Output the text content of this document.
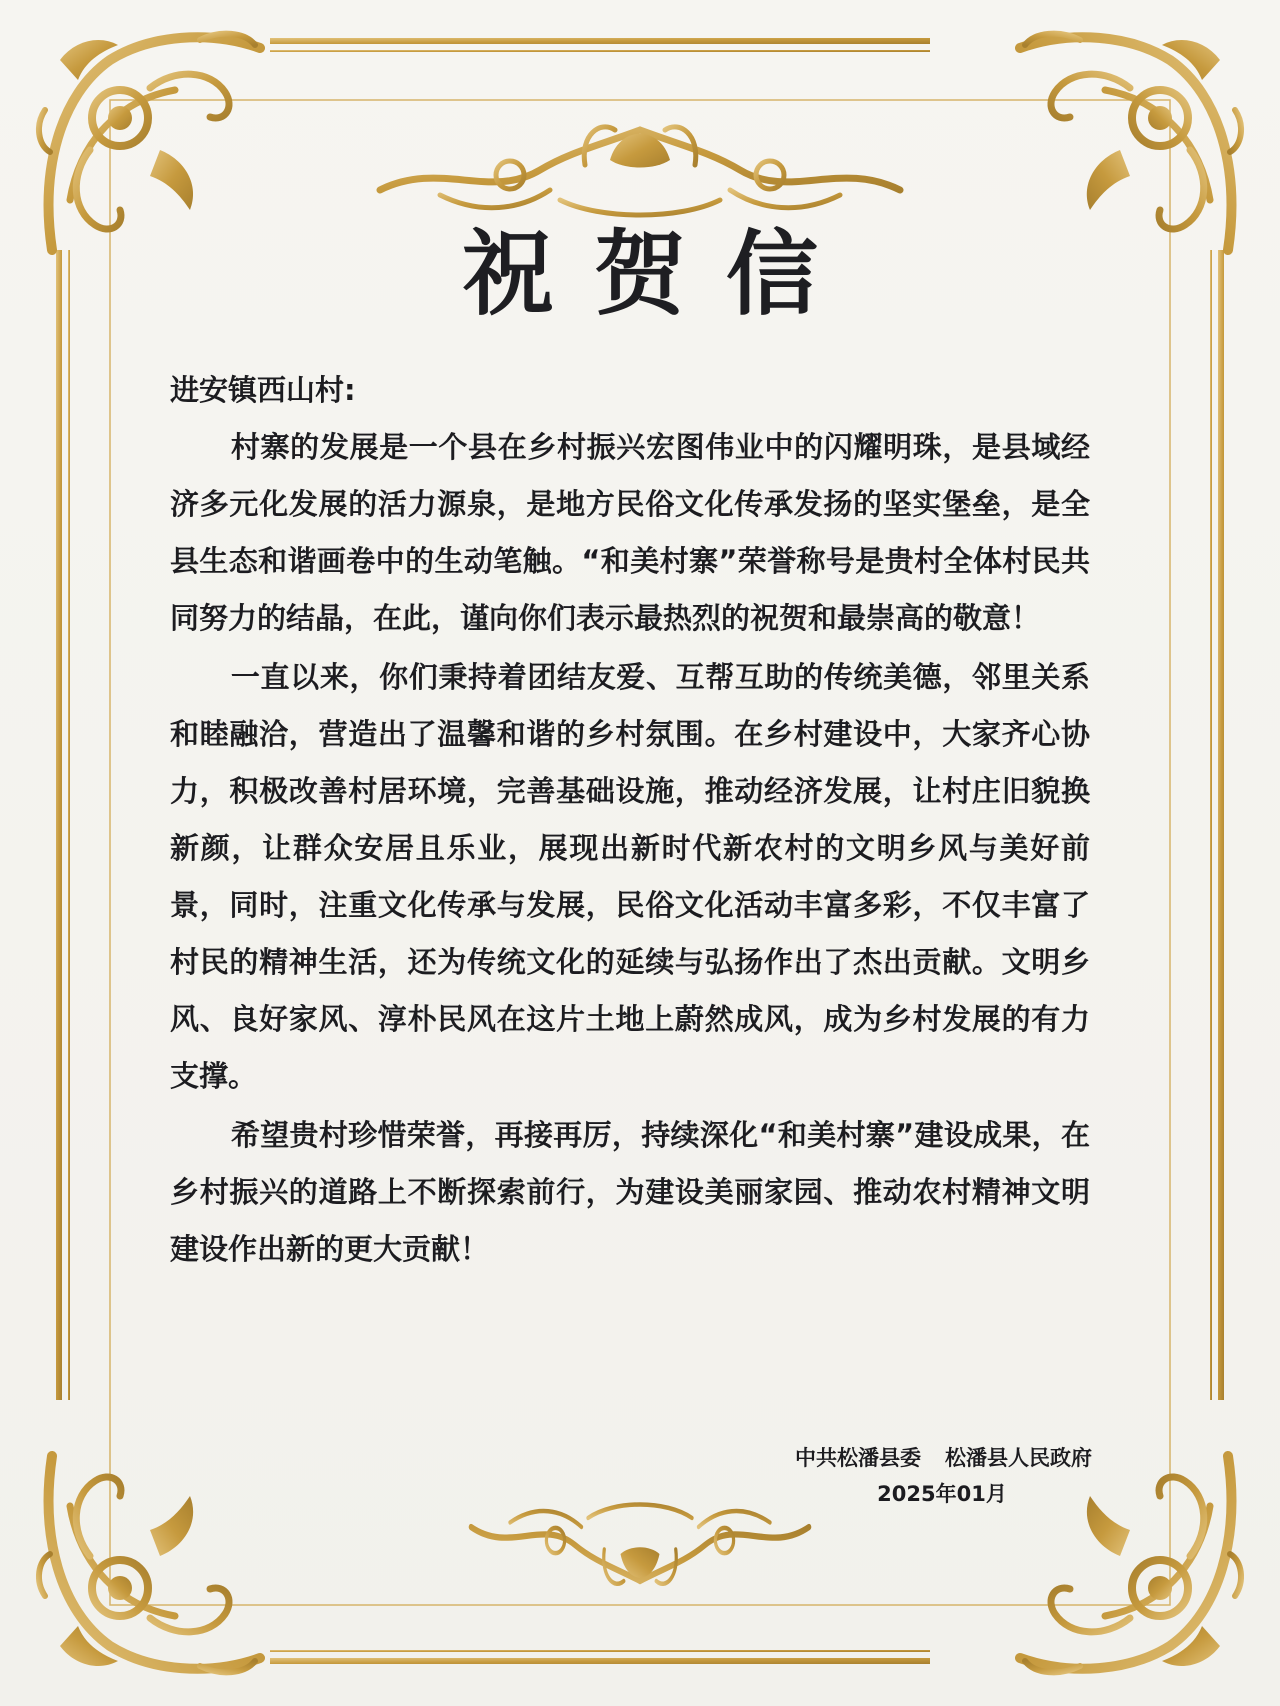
祝贺信

进安镇西山村:

村寨的发展是一个县在乡村振兴宏图伟业中的闪耀明珠，是县域经济多元化发展的活力源泉，是地方民俗文化传承发扬的坚实堡垒，是全县生态和谐画卷中的生动笔触。“和美村寨”荣誉称号是贵村全体村民共同努力的结晶，在此，谨向你们表示最热烈的祝贺和最崇高的敬意！

一直以来，你们秉持着团结友爱、互帮互助的传统美德，邻里关系和睦融洽，营造出了温馨和谐的乡村氛围。在乡村建设中，大家齐心协力，积极改善村居环境，完善基础设施，推动经济发展，让村庄旧貌换新颜，让群众安居且乐业，展现出新时代新农村的文明乡风与美好前景，同时，注重文化传承与发展，民俗文化活动丰富多彩，不仅丰富了村民的精神生活，还为传统文化的延续与弘扬作出了杰出贡献。文明乡风、良好家风、淳朴民风在这片土地上蔚然成风，成为乡村发展的有力支撑。

希望贵村珍惜荣誉，再接再厉，持续深化“和美村寨”建设成果，在乡村振兴的道路上不断探索前行，为建设美丽家园、推动农村精神文明建设作出新的更大贡献！

中共松潘县委 松潘县人民政府
2025年01月
